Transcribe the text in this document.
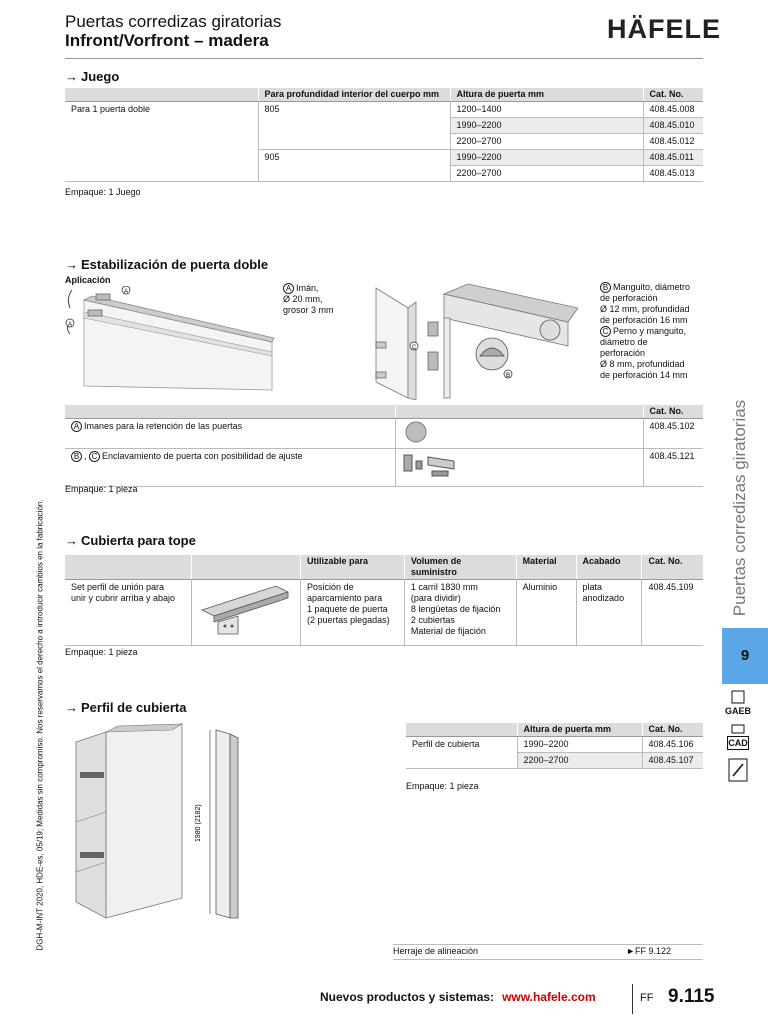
Puertas corredizas giratorias
Infront/Vorfront – madera	HÄFELE
→ Juego
	Para profundidad interior del cuerpo mm	Altura de puerta mm	Cat. No.
Para 1 puerta doble	805	1200–1400	408.45.008
		1990–2200	408.45.010
		2200–2700	408.45.012
	905	1990–2200	408.45.011
		2200–2700	408.45.013
Empaque: 1 Juego
→ Estabilización de puerta doble
Aplicación
A
A
A Imán,
Ø 20 mm,
grosor 3 mm
C
B
B Manguito, diámetro
de perforación
Ø 12 mm, profundidad
de perforación 16 mm
C Perno y manguito,
diámetro de
perforación
Ø 8 mm, profundidad
de perforación 14 mm
		Cat. No.
A Imanes para la retención de las puertas		408.45.102
B , C Enclavamiento de puerta con posibilidad de ajuste		408.45.121
Empaque: 1 pieza
→ Cubierta para tope
		Utilizable para	Volumen de suministro	Material	Acabado	Cat. No.
Set perfil de unión para
unir y cubrir arriba y abajo		Posición de
aparcamiento para
1 paquete de puerta
(2 puertas plegadas)	1 carril 1830 mm
(para dividir)
8 lengüetas de fijación
2 cubiertas
Material de fijación	Aluminio	plata
anodizado	408.45.109
Empaque: 1 pieza
→ Perfil de cubierta
1980 (2182)
	Altura de puerta mm	Cat. No.
Perfil de cubierta	1990–2200	408.45.106
	2200–2700	408.45.107
Empaque: 1 pieza
Herraje de alineación	►FF 9.122
Nuevos productos y sistemas: www.hafele.com	FF 9.115
Puertas corredizas giratorias
9
GAEB
CAD
DGH-M-INT 2020, HDE-es, 05/19; Medidas sin compromiso. Nos reservamos el derecho a introducir cambios en la fabricación.
